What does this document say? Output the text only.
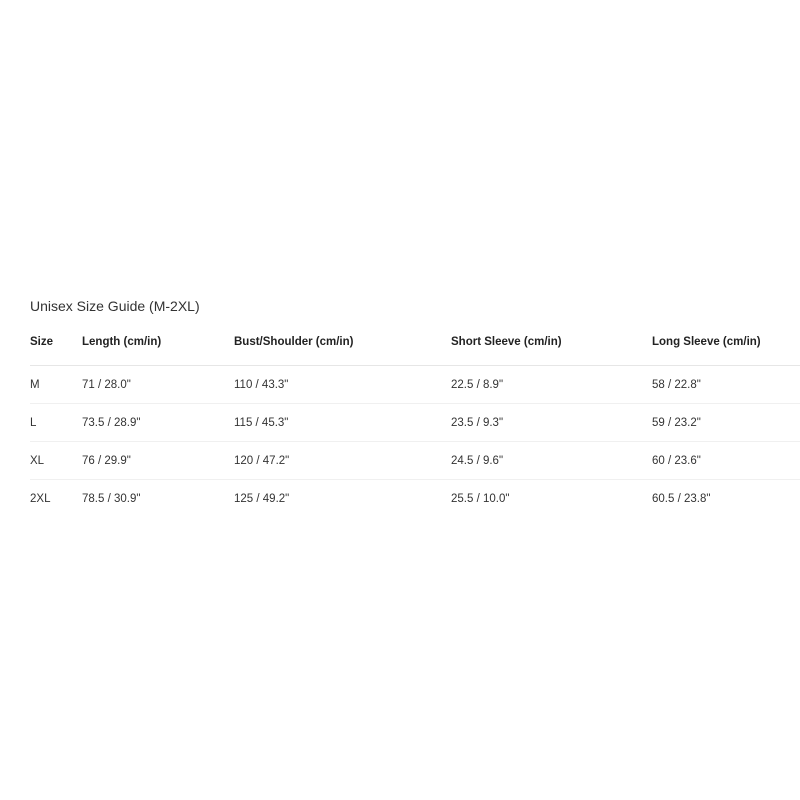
Unisex Size Guide (M-2XL)
Size	Length (cm/in)	Bust/Shoulder (cm/in)	Short Sleeve (cm/in)	Long Sleeve (cm/in)
M	71 / 28.0"	110 / 43.3"	22.5 / 8.9"	58 / 22.8"
L	73.5 / 28.9"	115 / 45.3"	23.5 / 9.3"	59 / 23.2"
XL	76 / 29.9"	120 / 47.2"	24.5 / 9.6"	60 / 23.6"
2XL	78.5 / 30.9"	125 / 49.2"	25.5 / 10.0"	60.5 / 23.8"
